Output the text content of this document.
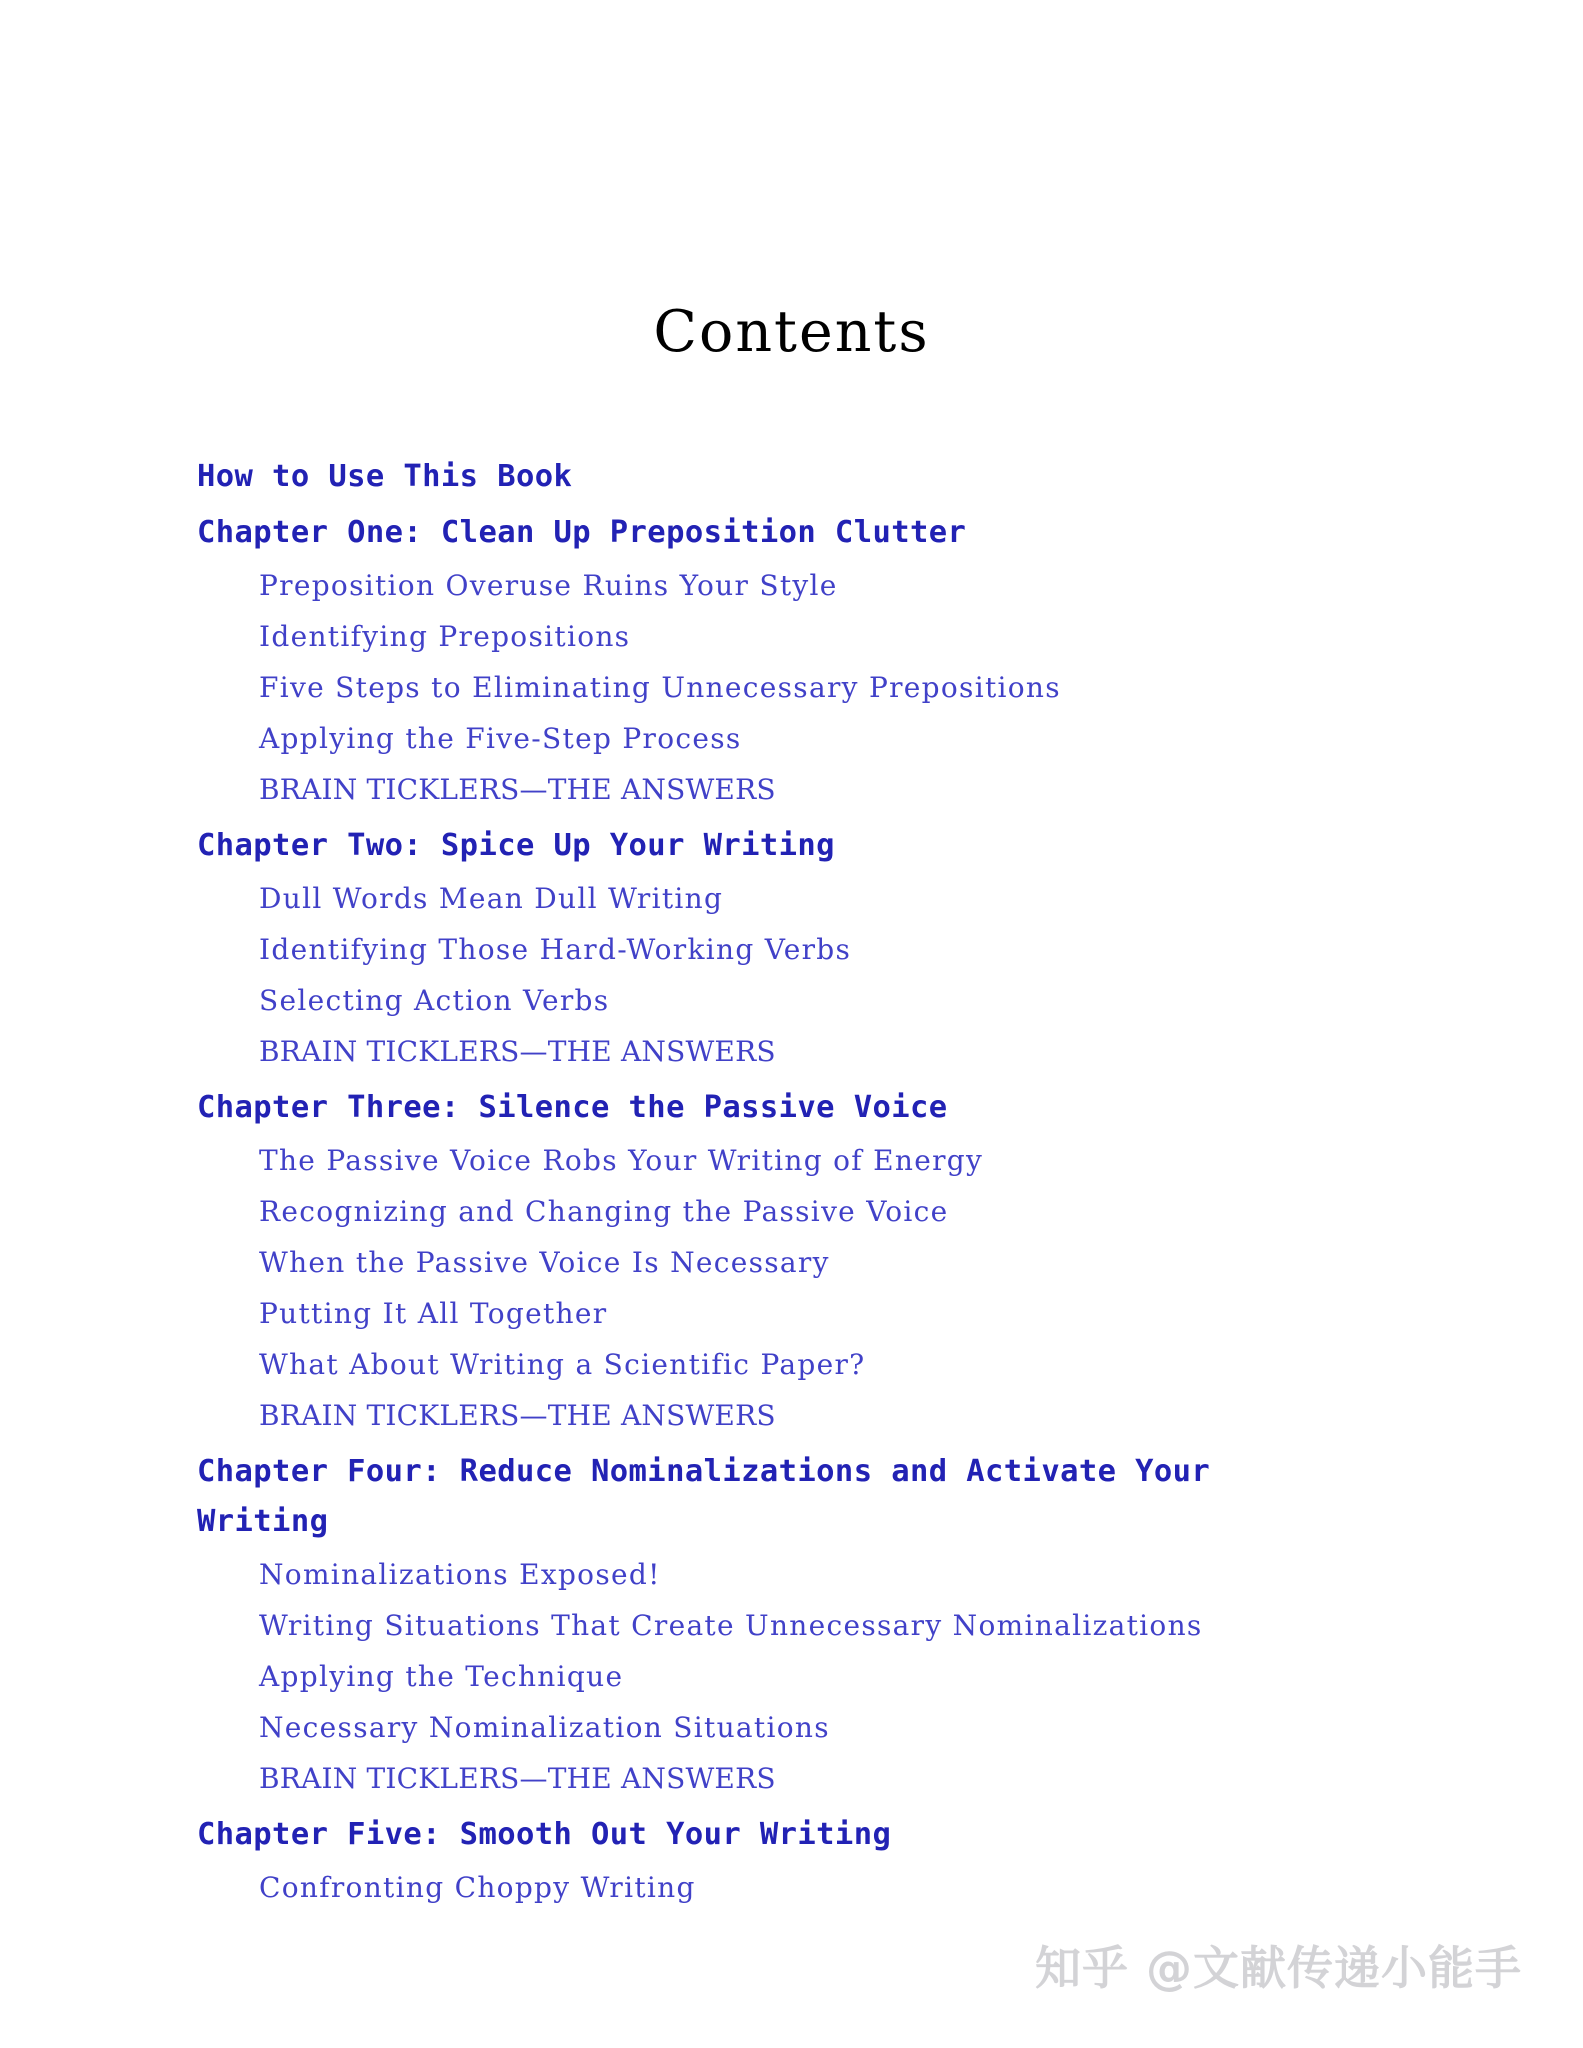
Contents
How to Use This Book
Chapter One: Clean Up Preposition Clutter
Preposition Overuse Ruins Your Style
Identifying Prepositions
Five Steps to Eliminating Unnecessary Prepositions
Applying the Five-Step Process
BRAIN TICKLERS—THE ANSWERS
Chapter Two: Spice Up Your Writing
Dull Words Mean Dull Writing
Identifying Those Hard-Working Verbs
Selecting Action Verbs
BRAIN TICKLERS—THE ANSWERS
Chapter Three: Silence the Passive Voice
The Passive Voice Robs Your Writing of Energy
Recognizing and Changing the Passive Voice
When the Passive Voice Is Necessary
Putting It All Together
What About Writing a Scientific Paper?
BRAIN TICKLERS—THE ANSWERS
Chapter Four: Reduce Nominalizations and Activate Your Writing
Nominalizations Exposed!
Writing Situations That Create Unnecessary Nominalizations
Applying the Technique
Necessary Nominalization Situations
BRAIN TICKLERS—THE ANSWERS
Chapter Five: Smooth Out Your Writing
Confronting Choppy Writing
知乎 @文献传递小能手
